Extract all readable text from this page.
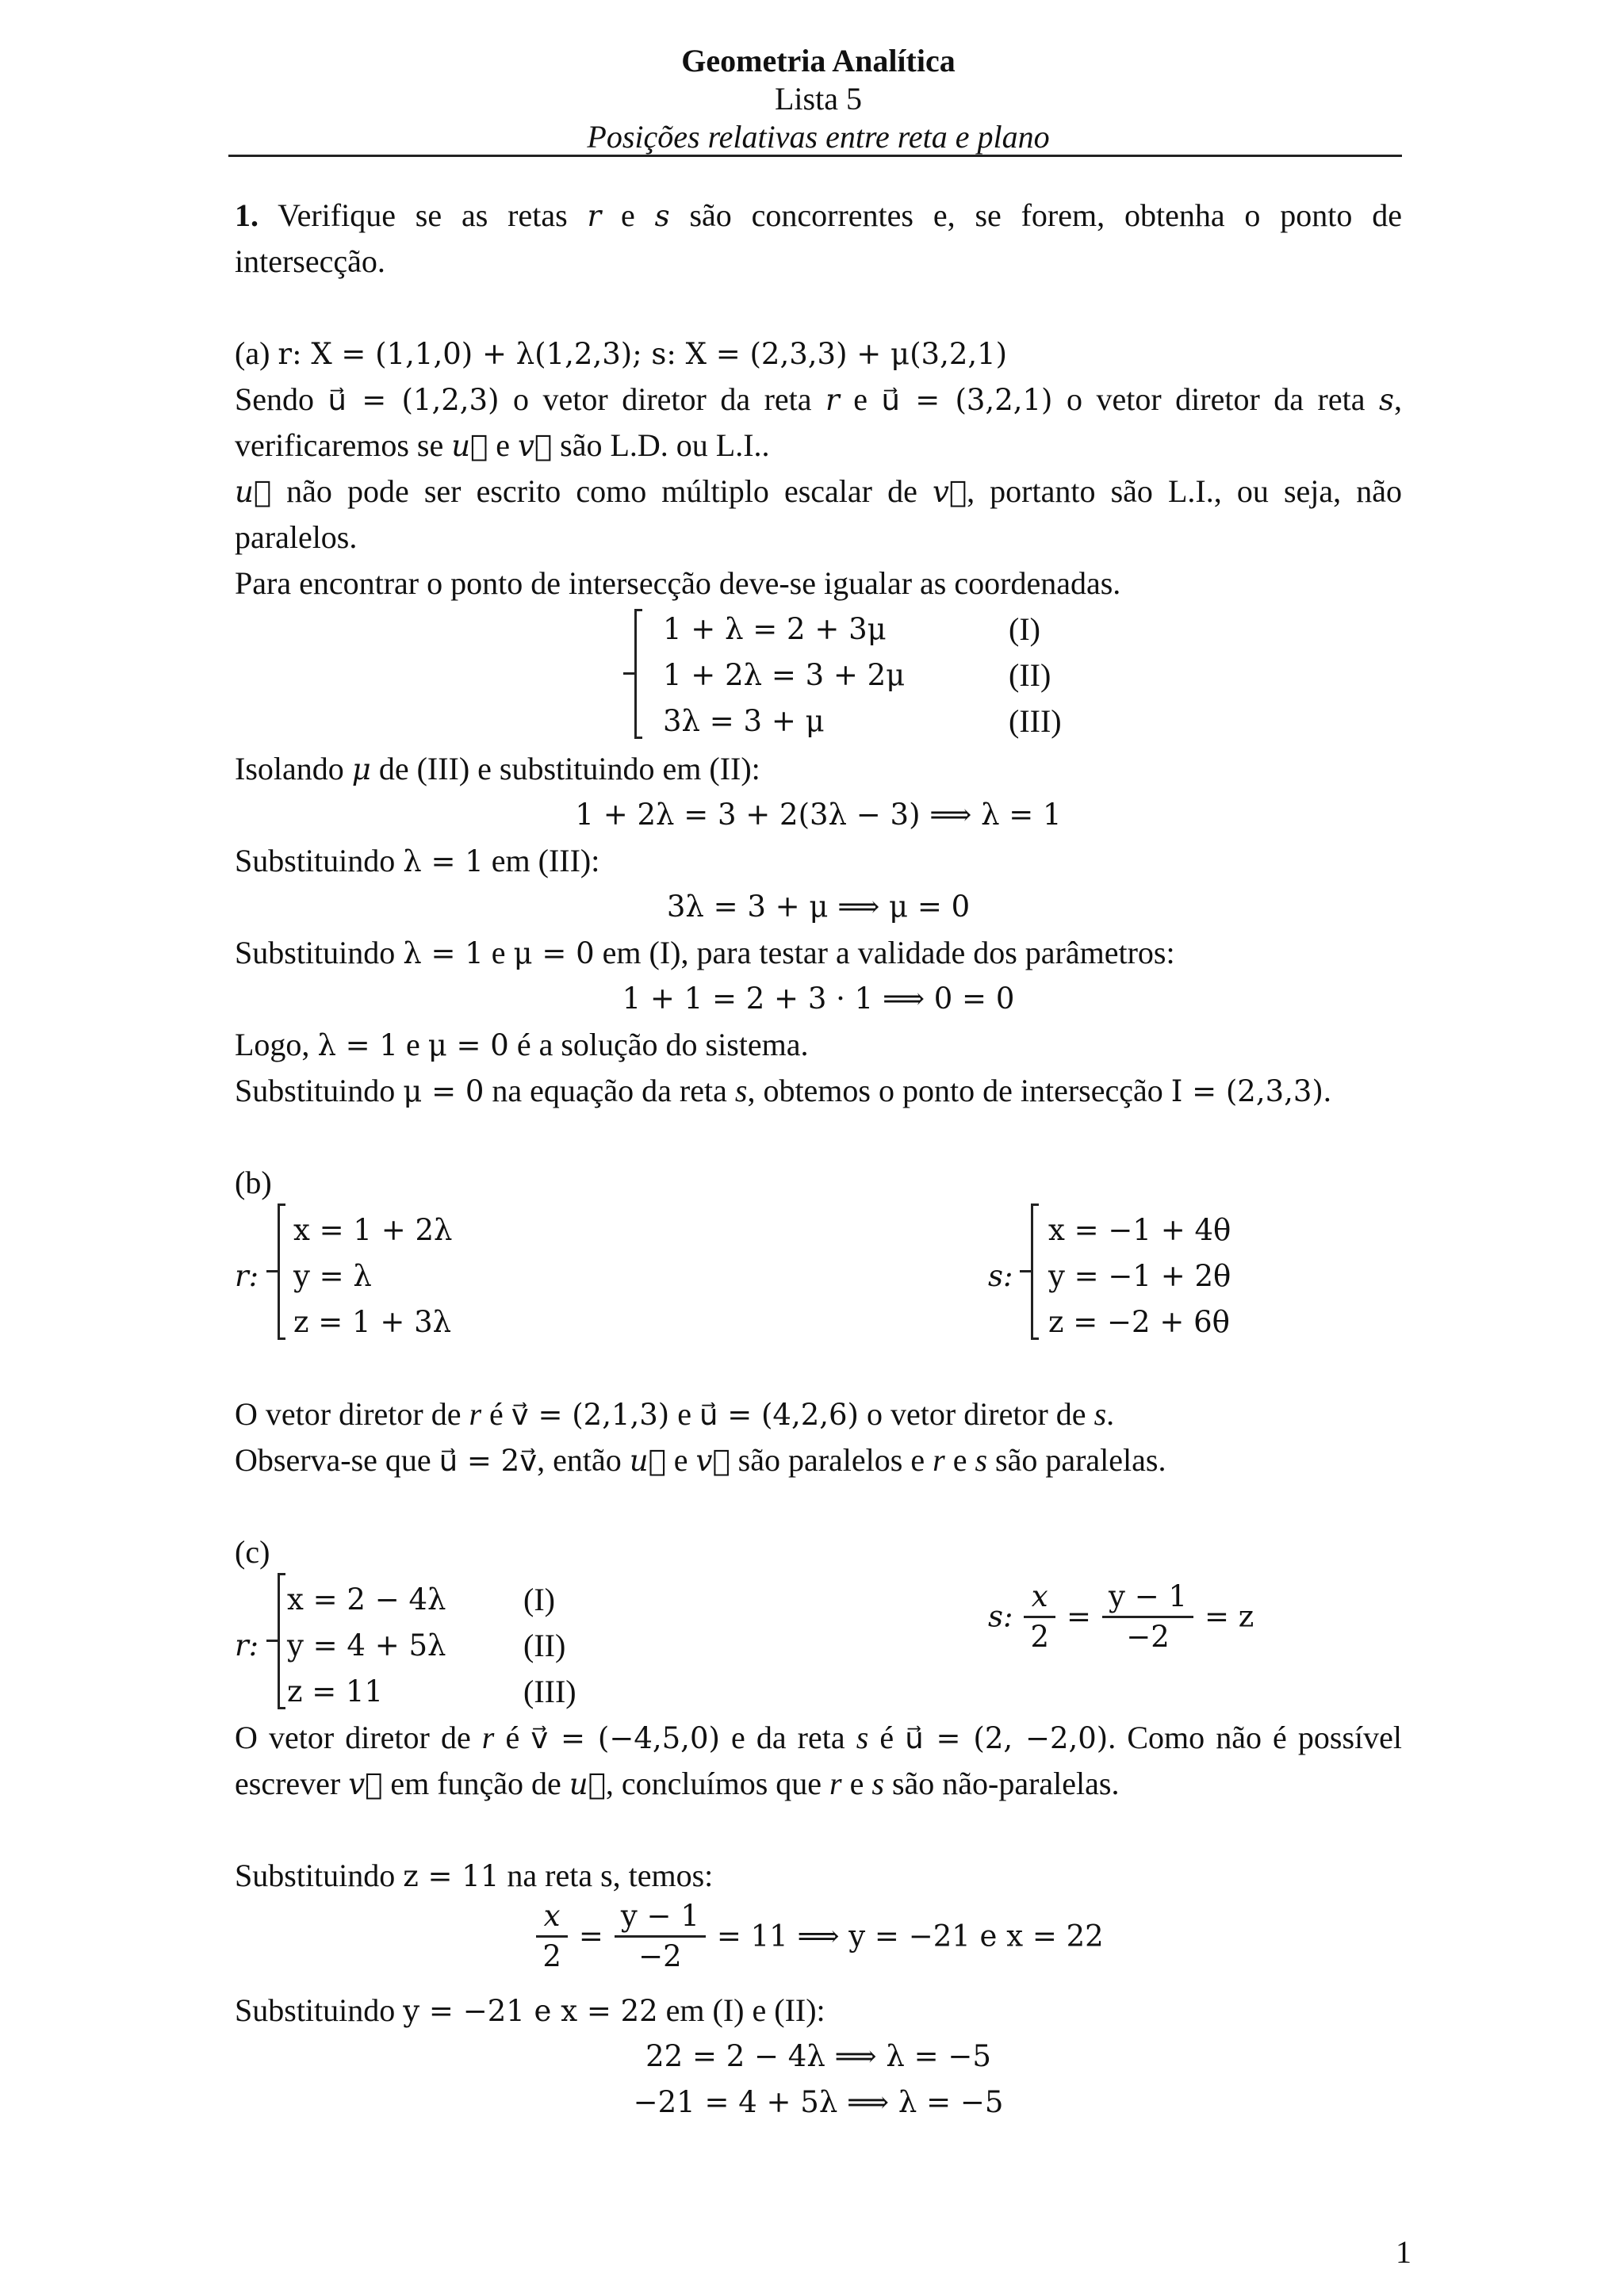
Geometria Analítica
Lista 5
Posições relativas entre reta e plano
1. Verifique se as retas r e s são concorrentes e, se forem, obtenha o ponto de
intersecção.
(a) r: X = (1,1,0) + λ(1,2,3); s: X = (2,3,3) + μ(3,2,1)
Sendo u⃗ = (1,2,3) o vetor diretor da reta r e u⃗ = (3,2,1) o vetor diretor da reta s,
verificaremos se u⃗ e v⃗ são L.D. ou L.I..
u⃗ não pode ser escrito como múltiplo escalar de v⃗, portanto são L.I., ou seja, não
paralelos.
Para encontrar o ponto de intersecção deve-se igualar as coordenadas.
1 + λ = 2 + 3μ	(I)
1 + 2λ = 3 + 2μ	(II)
3λ = 3 + μ	(III)
Isolando μ de (III) e substituindo em (II):
1 + 2λ = 3 + 2(3λ − 3) ⟹ λ = 1
Substituindo λ = 1 em (III):
3λ = 3 + μ ⟹ μ = 0
Substituindo λ = 1 e μ = 0 em (I), para testar a validade dos parâmetros:
1 + 1 = 2 + 3 · 1 ⟹ 0 = 0
Logo, λ = 1 e μ = 0 é a solução do sistema.
Substituindo μ = 0 na equação da reta s, obtemos o ponto de intersecção I = (2,3,3).
(b)
r:
x = 1 + 2λ
y = λ
z = 1 + 3λ
s:
x = −1 + 4θ
y = −1 + 2θ
z = −2 + 6θ
O vetor diretor de r é v⃗ = (2,1,3) e u⃗ = (4,2,6) o vetor diretor de s.
Observa-se que u⃗ = 2v⃗, então u⃗ e v⃗ são paralelos e r e s são paralelas.
(c)
r:
x = 2 − 4λ (I)
y = 4 + 5λ (II)
z = 11	(III)
s: $\frac{x}{2} = \frac{y - 1}{-2} = z$
O vetor diretor de r é v⃗ = (−4,5,0) e da reta s é u⃗ = (2, −2,0). Como não é possível
escrever v⃗ em função de u⃗, concluímos que r e s são não-paralelas.
Substituindo z = 11 na reta s, temos:
$\frac{x}{2} = \frac{y - 1}{-2} = 11$ ⟹ y = −21 e x = 22
Substituindo y = −21 e x = 22 em (I) e (II):
22 = 2 − 4λ ⟹ λ = −5
−21 = 4 + 5λ ⟹ λ = −5
1
